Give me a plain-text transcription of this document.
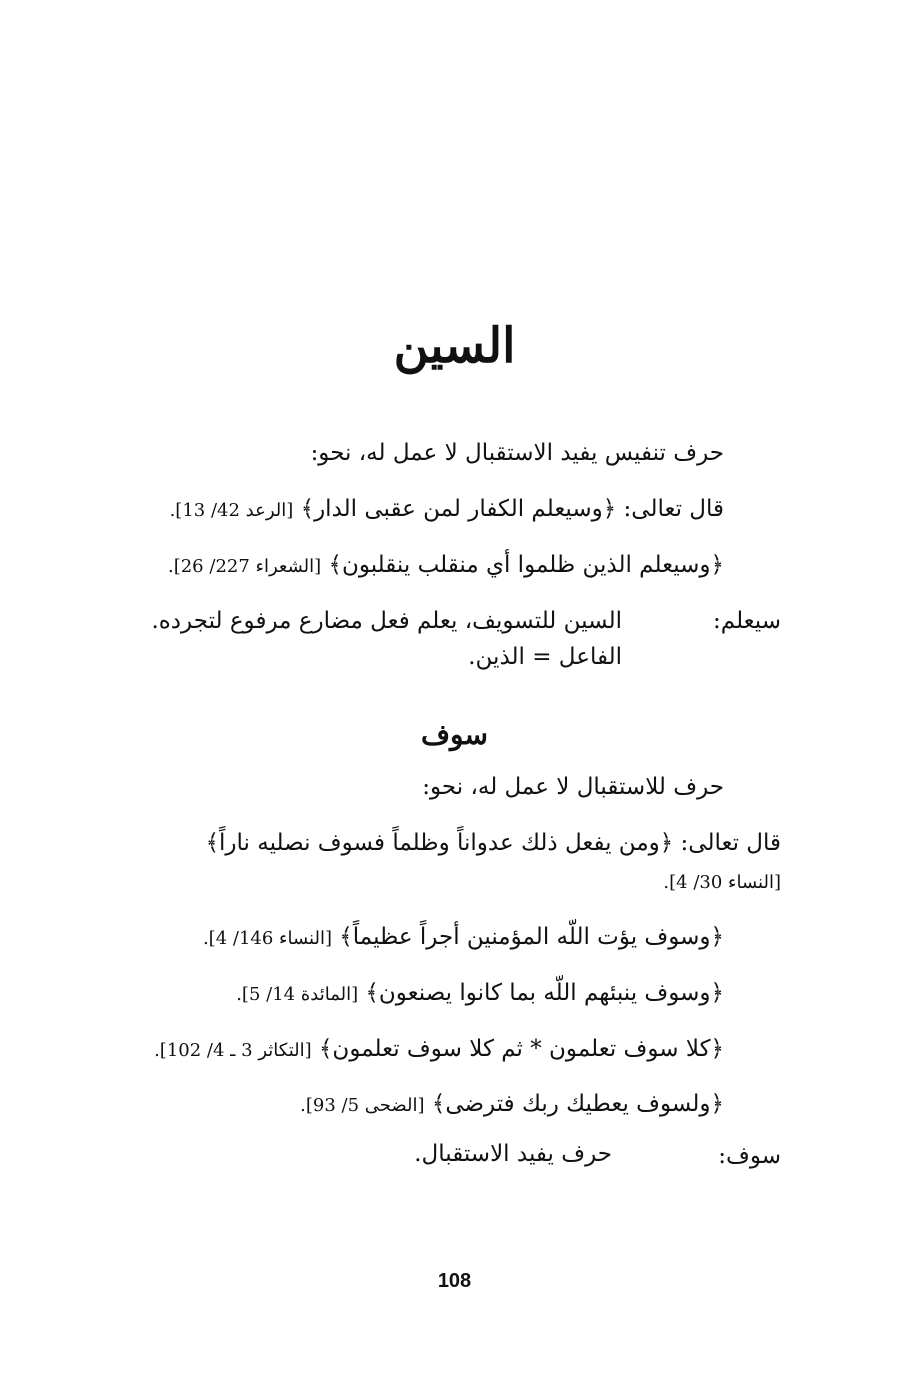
السين
حرف تنفيس يفيد الاستقبال لا عمل له، نحو:
قال تعالى: ﴿وسيعلم الكفار لمن عقبى الدار﴾ [الرعد 42/ 13].
﴿وسيعلم الذين ظلموا أي منقلب ينقلبون﴾ [الشعراء 227/ 26].
سيعلم:
السين للتسويف، يعلم فعل مضارع مرفوع لتجرده. الفاعل = الذين.
سوف
حرف للاستقبال لا عمل له، نحو:
قال تعالى: ﴿ومن يفعل ذلك عدواناً وظلماً فسوف نصليه ناراً﴾
[النساء 30/ 4].
﴿وسوف يؤت اللّه المؤمنين أجراً عظيماً﴾ [النساء 146/ 4].
﴿وسوف ينبئهم اللّه بما كانوا يصنعون﴾ [المائدة 14/ 5].
﴿كلا سوف تعلمون * ثم كلا سوف تعلمون﴾ [التكاثر 3 ـ 4/ 102].
﴿ولسوف يعطيك ربك فترضى﴾ [الضحى 5/ 93].
سوف:
حرف يفيد الاستقبال.
108
